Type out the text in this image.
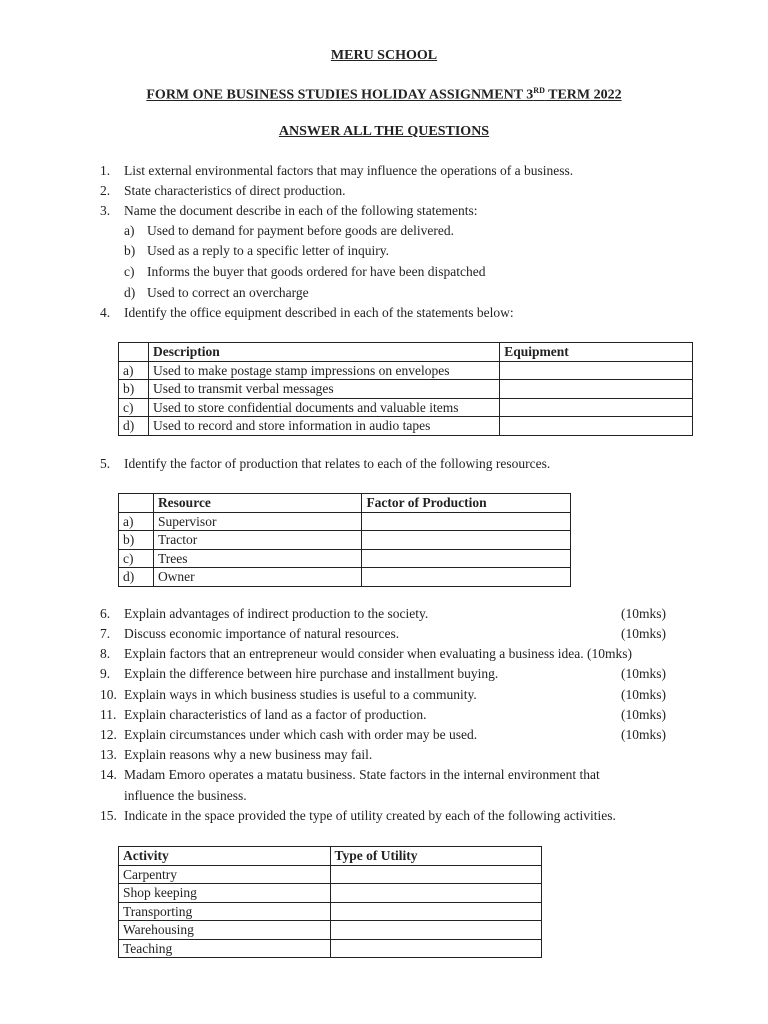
MERU SCHOOL
FORM ONE BUSINESS STUDIES HOLIDAY ASSIGNMENT 3RD TERM 2022
ANSWER ALL THE QUESTIONS
1.	List external environmental factors that may influence the operations of a business.
2.	State characteristics of direct production.
3.	Name the document describe in each of the following statements:
a) Used to demand for payment before goods are delivered.
b) Used as a reply to a specific letter of inquiry.
c) Informs the buyer that goods ordered for have been dispatched
d) Used to correct an overcharge
4.	Identify the office equipment described in each of the statements below:
	Description	Equipment
a)	Used to make postage stamp impressions on envelopes	
b)	Used to transmit verbal messages	
c)	Used to store confidential documents and valuable items	
d)	Used to record and store information in audio tapes	
5.	Identify the factor of production that relates to each of the following resources.
	Resource	Factor of Production
a)	Supervisor	
b)	Tractor	
c)	Trees	
d)	Owner	
6.	Explain advantages of indirect production to the society.	(10mks)
7.	Discuss economic importance of natural resources.	(10mks)
8.	Explain factors that an entrepreneur would consider when evaluating a business idea. (10mks)
9.	Explain the difference between hire purchase and installment buying.	(10mks)
10. Explain ways in which business studies is useful to a community.	(10mks)
11. Explain characteristics of land as a factor of production.	(10mks)
12. Explain circumstances under which cash with order may be used.	(10mks)
13. Explain reasons why a new business may fail.
14. Madam Emoro operates a matatu business. State factors in the internal environment that
influence the business.
15. Indicate in the space provided the type of utility created by each of the following activities.
Activity	Type of Utility
Carpentry	
Shop keeping	
Transporting	
Warehousing	
Teaching	
